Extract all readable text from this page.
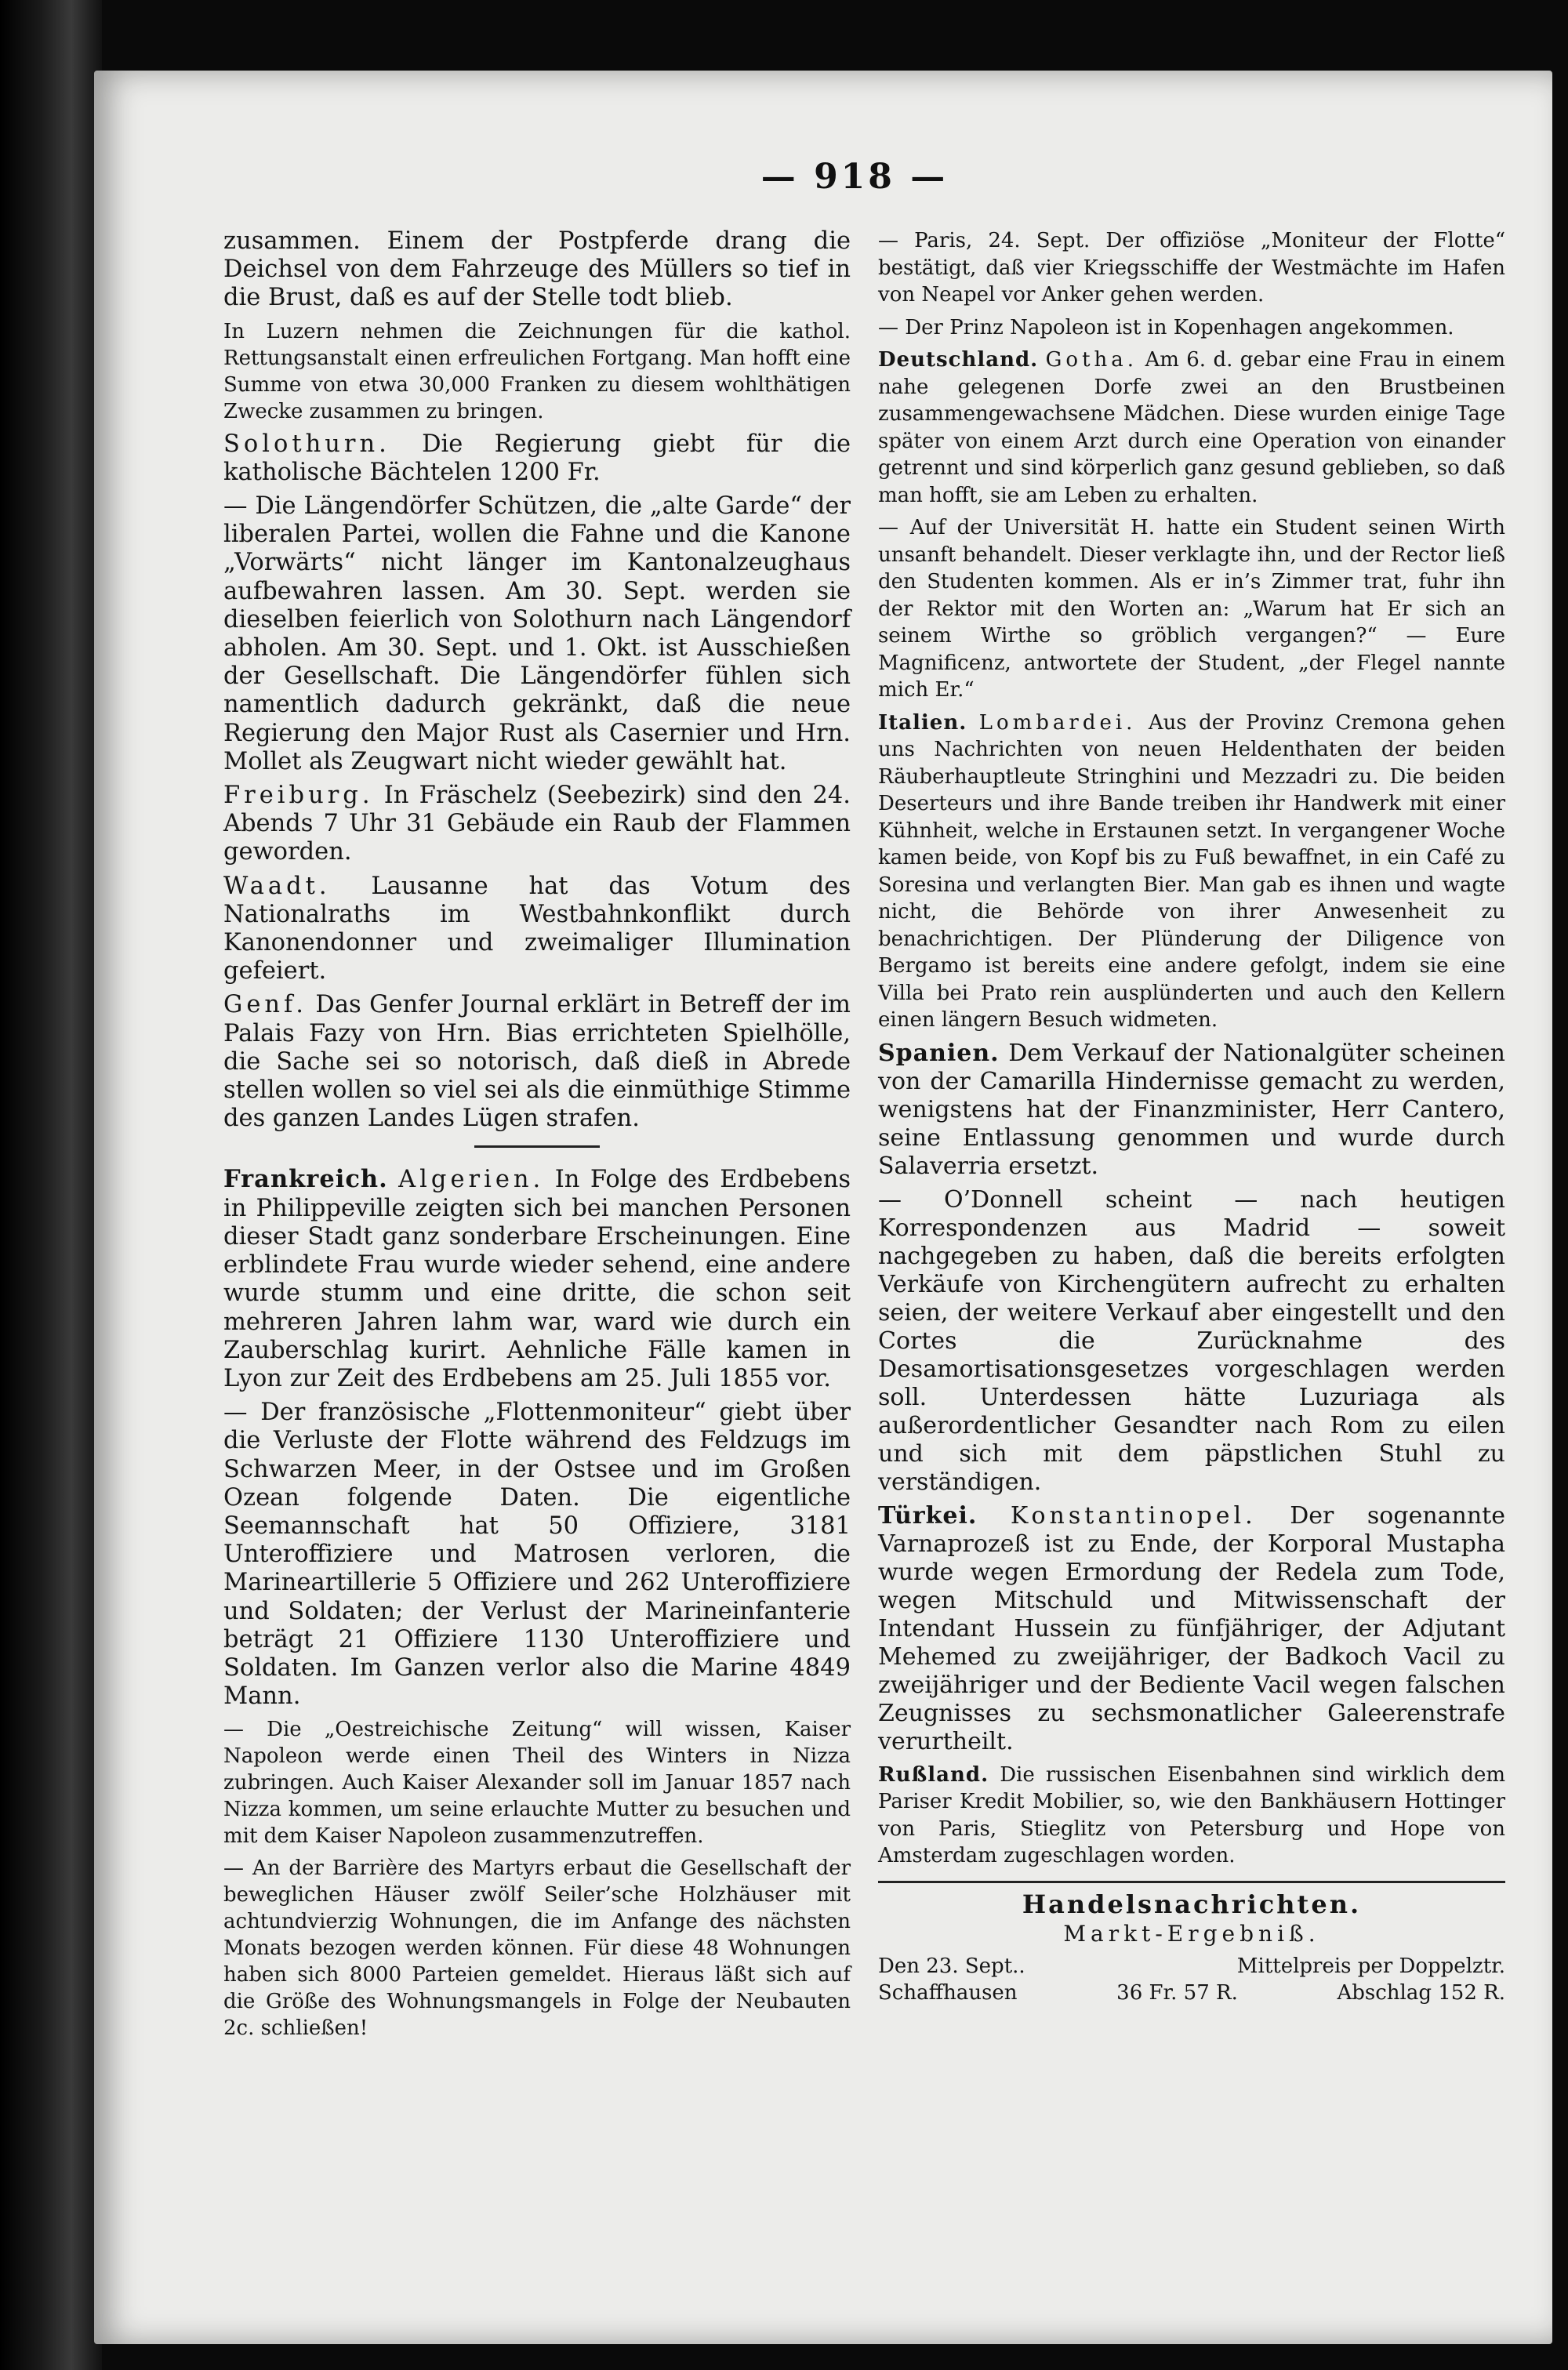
— 918 —

zusammen. Einem der Postpferde drang die Deichsel von dem Fahrzeuge des Müllers so tief in die Brust, daß es auf der Stelle todt blieb.

In Luzern nehmen die Zeichnungen für die kathol. Rettungsanstalt einen erfreulichen Fortgang. Man hofft eine Summe von etwa 30,000 Franken zu diesem wohlthätigen Zwecke zusammen zu bringen.

Solothurn. Die Regierung giebt für die katholische Bächtelen 1200 Fr.

— Die Längendörfer Schützen, die „alte Garde“ der liberalen Partei, wollen die Fahne und die Kanone „Vorwärts“ nicht länger im Kantonalzeughaus aufbewahren lassen. Am 30. Sept. werden sie dieselben feierlich von Solothurn nach Längendorf abholen. Am 30. Sept. und 1. Okt. ist Ausschießen der Gesellschaft. Die Längendörfer fühlen sich namentlich dadurch gekränkt, daß die neue Regierung den Major Rust als Casernier und Hrn. Mollet als Zeugwart nicht wieder gewählt hat.

Freiburg. In Fräschelz (Seebezirk) sind den 24. Abends 7 Uhr 31 Gebäude ein Raub der Flammen geworden.

Waadt. Lausanne hat das Votum des Nationalraths im Westbahnkonflikt durch Kanonendonner und zweimaliger Illumination gefeiert.

Genf. Das Genfer Journal erklärt in Betreff der im Palais Fazy von Hrn. Bias errichteten Spielhölle, die Sache sei so notorisch, daß dieß in Abrede stellen wollen so viel sei als die einmüthige Stimme des ganzen Landes Lügen strafen.

Frankreich. Algerien. In Folge des Erdbebens in Philippeville zeigten sich bei manchen Personen dieser Stadt ganz sonderbare Erscheinungen. Eine erblindete Frau wurde wieder sehend, eine andere wurde stumm und eine dritte, die schon seit mehreren Jahren lahm war, ward wie durch ein Zauberschlag kurirt. Aehnliche Fälle kamen in Lyon zur Zeit des Erdbebens am 25. Juli 1855 vor.

— Der französische „Flottenmoniteur“ giebt über die Verluste der Flotte während des Feldzugs im Schwarzen Meer, in der Ostsee und im Großen Ozean folgende Daten. Die eigentliche Seemannschaft hat 50 Offiziere, 3181 Unteroffiziere und Matrosen verloren, die Marineartillerie 5 Offiziere und 262 Unteroffiziere und Soldaten; der Verlust der Marineinfanterie beträgt 21 Offiziere 1130 Unteroffiziere und Soldaten. Im Ganzen verlor also die Marine 4849 Mann.

— Die „Oestreichische Zeitung“ will wissen, Kaiser Napoleon werde einen Theil des Winters in Nizza zubringen. Auch Kaiser Alexander soll im Januar 1857 nach Nizza kommen, um seine erlauchte Mutter zu besuchen und mit dem Kaiser Napoleon zusammenzutreffen.

— An der Barrière des Martyrs erbaut die Gesellschaft der beweglichen Häuser zwölf Seiler’sche Holzhäuser mit achtundvierzig Wohnungen, die im Anfange des nächsten Monats bezogen werden können. Für diese 48 Wohnungen haben sich 8000 Parteien gemeldet. Hieraus läßt sich auf die Größe des Wohnungsmangels in Folge der Neubauten 2c. schließen!

— Paris, 24. Sept. Der offiziöse „Moniteur der Flotte“ bestätigt, daß vier Kriegsschiffe der Westmächte im Hafen von Neapel vor Anker gehen werden.

— Der Prinz Napoleon ist in Kopenhagen angekommen.

Deutschland. Gotha. Am 6. d. gebar eine Frau in einem nahe gelegenen Dorfe zwei an den Brustbeinen zusammengewachsene Mädchen. Diese wurden einige Tage später von einem Arzt durch eine Operation von einander getrennt und sind körperlich ganz gesund geblieben, so daß man hofft, sie am Leben zu erhalten.

— Auf der Universität H. hatte ein Student seinen Wirth unsanft behandelt. Dieser verklagte ihn, und der Rector ließ den Studenten kommen. Als er in’s Zimmer trat, fuhr ihn der Rektor mit den Worten an: „Warum hat Er sich an seinem Wirthe so gröblich vergangen?“ — Eure Magnificenz, antwortete der Student, „der Flegel nannte mich Er.“

Italien. Lombardei. Aus der Provinz Cremona gehen uns Nachrichten von neuen Heldenthaten der beiden Räuberhauptleute Stringhini und Mezzadri zu. Die beiden Deserteurs und ihre Bande treiben ihr Handwerk mit einer Kühnheit, welche in Erstaunen setzt. In vergangener Woche kamen beide, von Kopf bis zu Fuß bewaffnet, in ein Café zu Soresina und verlangten Bier. Man gab es ihnen und wagte nicht, die Behörde von ihrer Anwesenheit zu benachrichtigen. Der Plünderung der Diligence von Bergamo ist bereits eine andere gefolgt, indem sie eine Villa bei Prato rein ausplünderten und auch den Kellern einen längern Besuch widmeten.

Spanien. Dem Verkauf der Nationalgüter scheinen von der Camarilla Hindernisse gemacht zu werden, wenigstens hat der Finanzminister, Herr Cantero, seine Entlassung genommen und wurde durch Salaverria ersetzt.

— O’Donnell scheint — nach heutigen Korrespondenzen aus Madrid — soweit nachgegeben zu haben, daß die bereits erfolgten Verkäufe von Kirchengütern aufrecht zu erhalten seien, der weitere Verkauf aber eingestellt und den Cortes die Zurücknahme des Desamortisationsgesetzes vorgeschlagen werden soll. Unterdessen hätte Luzuriaga als außerordentlicher Gesandter nach Rom zu eilen und sich mit dem päpstlichen Stuhl zu verständigen.

Türkei. Konstantinopel. Der sogenannte Varnaprozeß ist zu Ende, der Korporal Mustapha wurde wegen Ermordung der Redela zum Tode, wegen Mitschuld und Mitwissenschaft der Intendant Hussein zu fünfjähriger, der Adjutant Mehemed zu zweijähriger, der Badkoch Vacil zu zweijähriger und der Bediente Vacil wegen falschen Zeugnisses zu sechsmonatlicher Galeerenstrafe verurtheilt.

Rußland. Die russischen Eisenbahnen sind wirklich dem Pariser Kredit Mobilier, so, wie den Bankhäusern Hottinger von Paris, Stieglitz von Petersburg und Hope von Amsterdam zugeschlagen worden.

Handelsnachrichten.
Markt-Ergebniß.
Den 23. Sept..	Mittelpreis per Doppelztr.
Schaffhausen	36 Fr. 57 R.	Abschlag 152 R.
